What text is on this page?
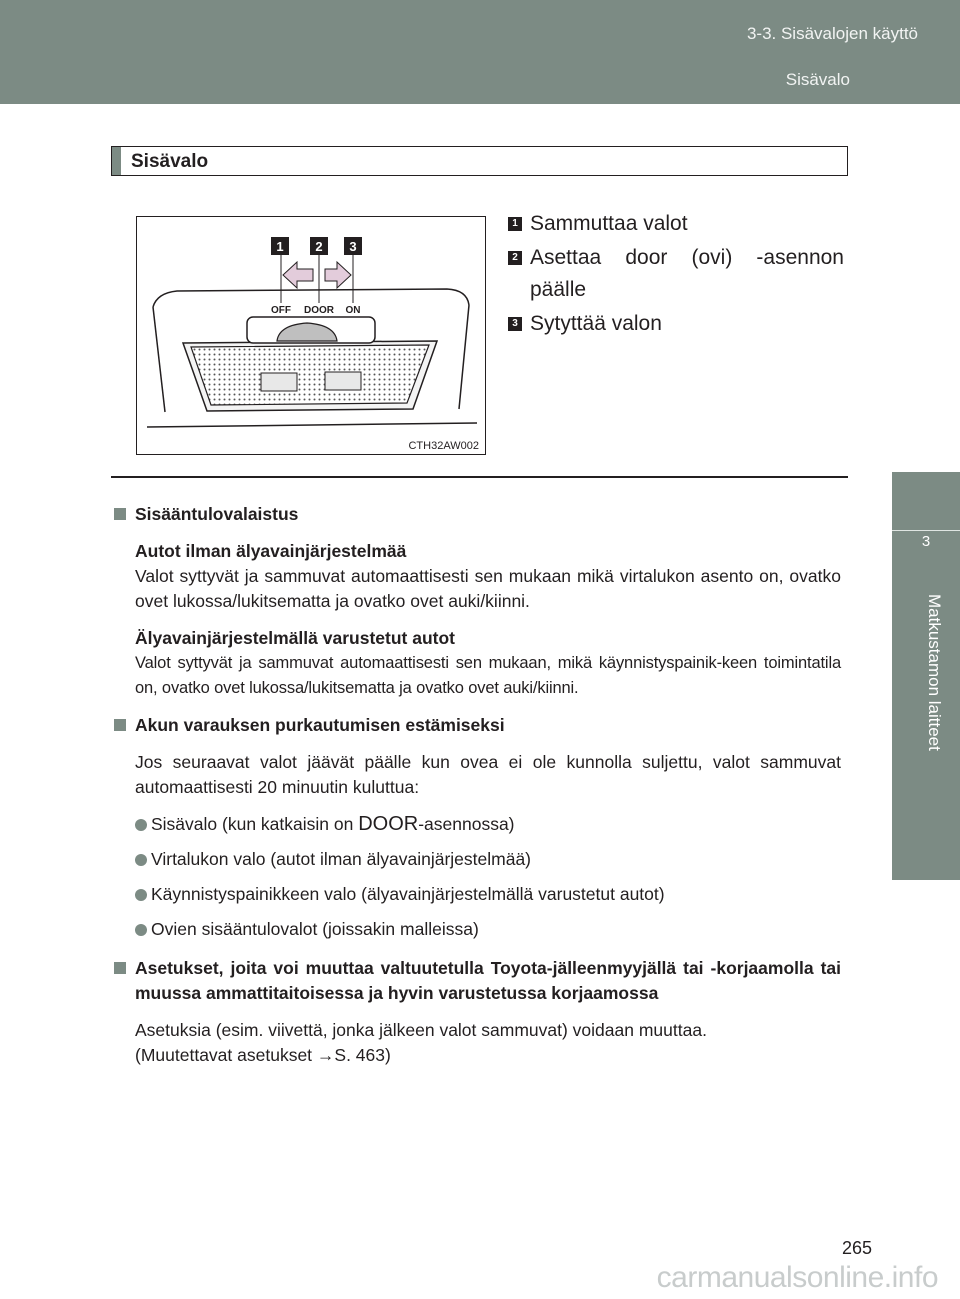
3-3. Sisävalojen käyttö
Sisävalo
3
Matkustamon laitteet
Sisävalo
OFF DOOR ON
1 2 3
CTH32AW002
1 Sammuttaa valot
2 Asettaa door (ovi) -asennon
päälle
3 Sytyttää valon
Sisääntulovalaistus
Autot ilman älyavainjärjestelmää
Valot syttyvät ja sammuvat automaattisesti sen mukaan mikä virtalukon asento on, ovatko ovet lukossa/lukitsematta ja ovatko ovet auki/kiinni.
Älyavainjärjestelmällä varustetut autot
Valot syttyvät ja sammuvat automaattisesti sen mukaan, mikä käynnistyspainik-keen toimintatila on, ovatko ovet lukossa/lukitsematta ja ovatko ovet auki/kiinni.
Akun varauksen purkautumisen estämiseksi
Jos seuraavat valot jäävät päälle kun ovea ei ole kunnolla suljettu, valot sammuvat automaattisesti 20 minuutin kuluttua:
Sisävalo (kun katkaisin on DOOR-asennossa)
Virtalukon valo (autot ilman älyavainjärjestelmää)
Käynnistyspainikkeen valo (älyavainjärjestelmällä varustetut autot)
Ovien sisääntulovalot (joissakin malleissa)
Asetukset, joita voi muuttaa valtuutetulla Toyota-jälleenmyyjällä tai -korjaamolla tai muussa ammattitaitoisessa ja hyvin varustetussa korjaamossa
Asetuksia (esim. viivettä, jonka jälkeen valot sammuvat) voidaan muuttaa.
(Muutettavat asetukset →S. 463)
265
carmanualsonline.info
